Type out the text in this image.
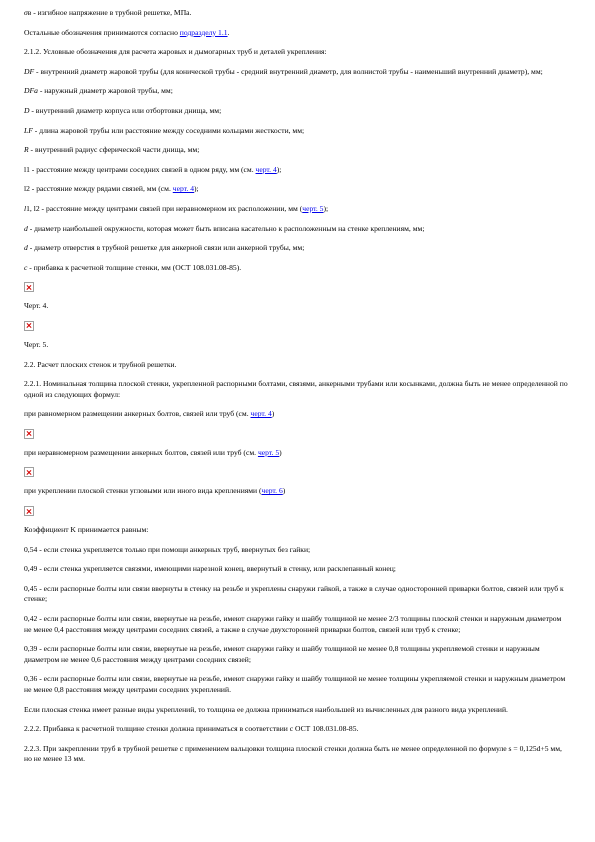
σв - изгибное напряжение в трубной решетке, МПа.

Остальные обозначения принимаются согласно подразделу 1.1.

2.1.2. Условные обозначения для расчета жаровых и дымогарных труб и деталей укрепления:

DF - внутренний диаметр жаровой трубы (для конической трубы - средний внутренний диаметр, для волнистой трубы - наименьший внутренний диаметр), мм;

DFa - наружный диаметр жаровой трубы, мм;

D - внутренний диаметр корпуса или отбортовки днища, мм;

LF - длина жаровой трубы или расстояние между соседними кольцами жесткости, мм;

R - внутренний радиус сферической части днища, мм;

l1 - расстояние между центрами соседних связей в одном ряду, мм (см. черт. 4);

l2 - расстояние между рядами связей, мм (см. черт. 4);

l1, l2 - расстояние между центрами связей при неравномерном их расположении, мм (черт. 5);

d - диаметр наибольшей окружности, которая может быть вписана касательно к расположенным на стенке креплениям, мм;

d - диаметр отверстия в трубной решетке для анкерной связи или анкерной трубы, мм;

c - прибавка к расчетной толщине стенки, мм (ОСТ 108.031.08-85).

Черт. 4.

Черт. 5.

2.2. Расчет плоских стенок и трубной решетки.

2.2.1. Номинальная толщина плоской стенки, укрепленной распорными болтами, связями, анкерными трубами или косынками, должна быть не менее определенной по одной из следующих формул:

при равномерном размещении анкерных болтов, связей или труб (см. черт. 4)

при неравномерном размещении анкерных болтов, связей или труб (см. черт. 5)

при укреплении плоской стенки угловыми или иного вида креплениями (черт. 6)

Коэффициент K принимается равным:

0,54 - если стенка укрепляется только при помощи анкерных труб, ввернутых без гайки;

0,49 - если стенка укрепляется связями, имеющими нарезной конец, ввернутый в стенку, или расклепанный конец;

0,45 - если распорные болты или связи ввернуты в стенку на резьбе и укреплены снаружи гайкой, а также в случае односторонней приварки болтов, связей или труб к стенке;

0,42 - если распорные болты или связи, ввернутые на резьбе, имеют снаружи гайку и шайбу толщиной не менее 2/3 толщины плоской стенки и наружным диаметром не менее 0,4 расстояния между центрами соседних связей, а также в случае двухсторонней приварки болтов, связей или труб к стенке;

0,39 - если распорные болты или связи, ввернутые на резьбе, имеют снаружи гайку и шайбу толщиной не менее 0,8 толщины укрепляемой стенки и наружным диаметром не менее 0,6 расстояния между центрами соседних связей;

0,36 - если распорные болты или связи, ввернутые на резьбе, имеют снаружи гайку и шайбу толщиной не менее толщины укрепляемой стенки и наружным диаметром не менее 0,8 расстояния между центрами соседних укреплений.

Если плоская стенка имеет разные виды укреплений, то толщина ее должна приниматься наибольшей из вычисленных для разного вида укреплений.

2.2.2. Прибавка к расчетной толщине стенки должна приниматься в соответствии с ОСТ 108.031.08-85.

2.2.3. При закреплении труб в трубной решетке с применением вальцовки толщина плоской стенки должна быть не менее определенной по формуле s = 0,125d+5 мм, но не менее 13 мм.
